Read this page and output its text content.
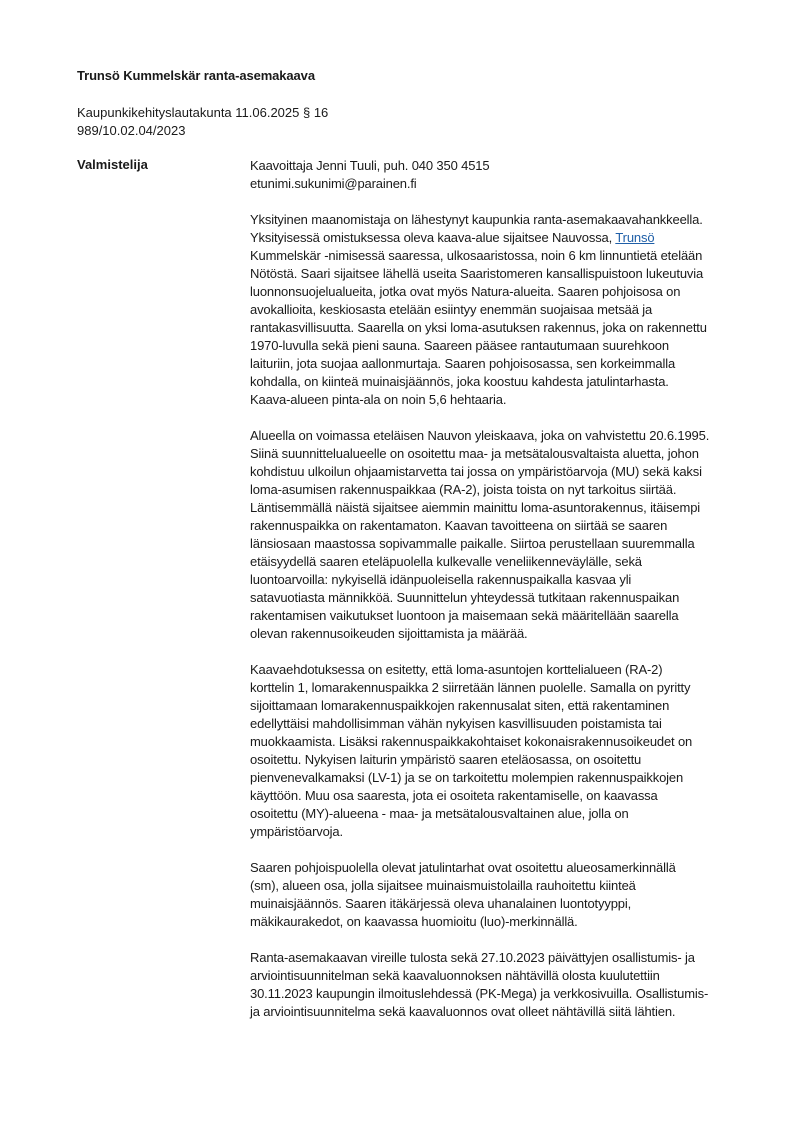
Trunsö Kummelskär ranta-asemakaava
Kaupunkikehityslautakunta 11.06.2025 § 16
989/10.02.04/2023
Valmistelija	Kaavoittaja Jenni Tuuli, puh. 040 350 4515
etunimi.sukunimi@parainen.fi

Yksityinen maanomistaja on lähestynyt kaupunkia ranta-asemakaavahankkeella.
Yksityisessä omistuksessa oleva kaava-alue sijaitsee Nauvossa, Trunsö
Kummelskär -nimisessä saaressa, ulkosaaristossa, noin 6 km linnuntietä etelään
Nötöstä. Saari sijaitsee lähellä useita Saaristomeren kansallispuistoon lukeutuvia
luonnonsuojelualueita, jotka ovat myös Natura-alueita. Saaren pohjoisosa on
avokallioita, keskiosasta etelään esiintyy enemmän suojaisaa metsää ja
rantakasvillisuutta. Saarella on yksi loma-asutuksen rakennus, joka on rakennettu
1970-luvulla sekä pieni sauna. Saareen pääsee rantautumaan suurehkoon
laituriin, jota suojaa aallonmurtaja. Saaren pohjoisosassa, sen korkeimmalla
kohdalla, on kiinteä muinaisjäännös, joka koostuu kahdesta jatulintarhasta.
Kaava-alueen pinta-ala on noin 5,6 hehtaaria.

Alueella on voimassa eteläisen Nauvon yleiskaava, joka on vahvistettu 20.6.1995.
Siinä suunnittelualueelle on osoitettu maa- ja metsätalousvaltaista aluetta, johon
kohdistuu ulkoilun ohjaamistarvetta tai jossa on ympäristöarvoja (MU) sekä kaksi
loma-asumisen rakennuspaikkaa (RA-2), joista toista on nyt tarkoitus siirtää.
Läntisemmällä näistä sijaitsee aiemmin mainittu loma-asuntorakennus, itäisempi
rakennuspaikka on rakentamaton. Kaavan tavoitteena on siirtää se saaren
länsiosaan maastossa sopivammalle paikalle. Siirtoa perustellaan suuremmalla
etäisyydellä saaren eteläpuolella kulkevalle veneliikenneväylälle, sekä
luontoarvoilla: nykyisellä idänpuoleisella rakennuspaikalla kasvaa yli
satavuotiasta männikköä. Suunnittelun yhteydessä tutkitaan rakennuspaikan
rakentamisen vaikutukset luontoon ja maisemaan sekä määritellään saarella
olevan rakennusoikeuden sijoittamista ja määrää.

Kaavaehdotuksessa on esitetty, että loma-asuntojen korttelialueen (RA-2)
korttelin 1, lomarakennuspaikka 2 siirretään lännen puolelle. Samalla on pyritty
sijoittamaan lomarakennuspaikkojen rakennusalat siten, että rakentaminen
edellyttäisi mahdollisimman vähän nykyisen kasvillisuuden poistamista tai
muokkaamista. Lisäksi rakennuspaikkakohtaiset kokonaisrakennusoikeudet on
osoitettu. Nykyisen laiturin ympäristö saaren eteläosassa, on osoitettu
pienvenevalkamaksi (LV-1) ja se on tarkoitettu molempien rakennuspaikkojen
käyttöön. Muu osa saaresta, jota ei osoiteta rakentamiselle, on kaavassa
osoitettu (MY)-alueena - maa- ja metsätalousvaltainen alue, jolla on
ympäristöarvoja.

Saaren pohjoispuolella olevat jatulintarhat ovat osoitettu alueosamerkinnällä
(sm), alueen osa, jolla sijaitsee muinaismuistolailla rauhoitettu kiinteä
muinaisjäännös. Saaren itäkärjessä oleva uhanalainen luontotyyppi,
mäkikaurakedot, on kaavassa huomioitu (luo)-merkinnällä.

Ranta-asemakaavan vireille tulosta sekä 27.10.2023 päivättyjen osallistumis- ja
arviointisuunnitelman sekä kaavaluonnoksen nähtävillä olosta kuulutettiin
30.11.2023 kaupungin ilmoituslehdessä (PK-Mega) ja verkkosivuilla. Osallistumis-
ja arviointisuunnitelma sekä kaavaluonnos ovat olleet nähtävillä siitä lähtien.
